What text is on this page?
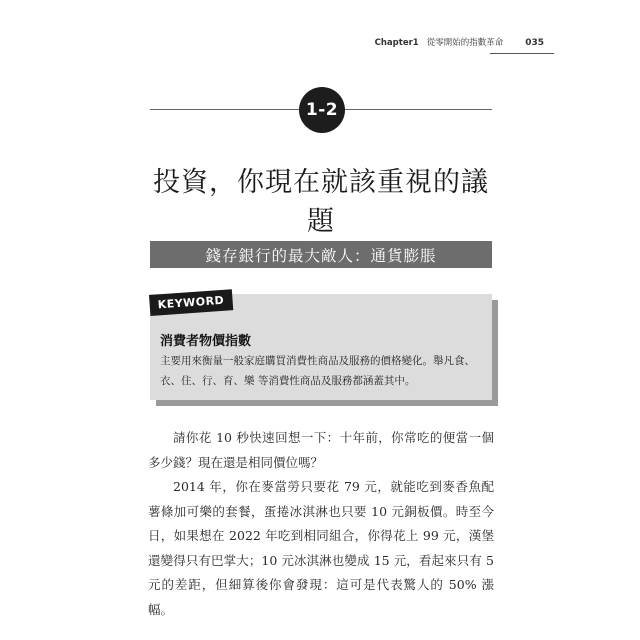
Chapter1 從零開始的指數革命 035
1-2
投資，你現在就該重視的議題
錢存銀行的最大敵人：通貨膨脹
KEYWORD
消費者物價指數
主要用來衡量一般家庭購買消費性商品及服務的價格變化。舉凡食、衣、住、行、育、樂 等消費性商品及服務都涵蓋其中。

請你花 10 秒快速回想一下：十年前，你常吃的便當一個多少錢？現在還是相同價位嗎？

2014 年，你在麥當勞只要花 79 元，就能吃到麥香魚配薯條加可樂的套餐，蛋捲冰淇淋也只要 10 元銅板價。時至今日，如果想在 2022 年吃到相同組合，你得花上 99 元，漢堡還變得只有巴掌大；10 元冰淇淋也變成 15 元，看起來只有 5 元的差距，但細算後你會發現：這可是代表驚人的 50% 漲幅。
